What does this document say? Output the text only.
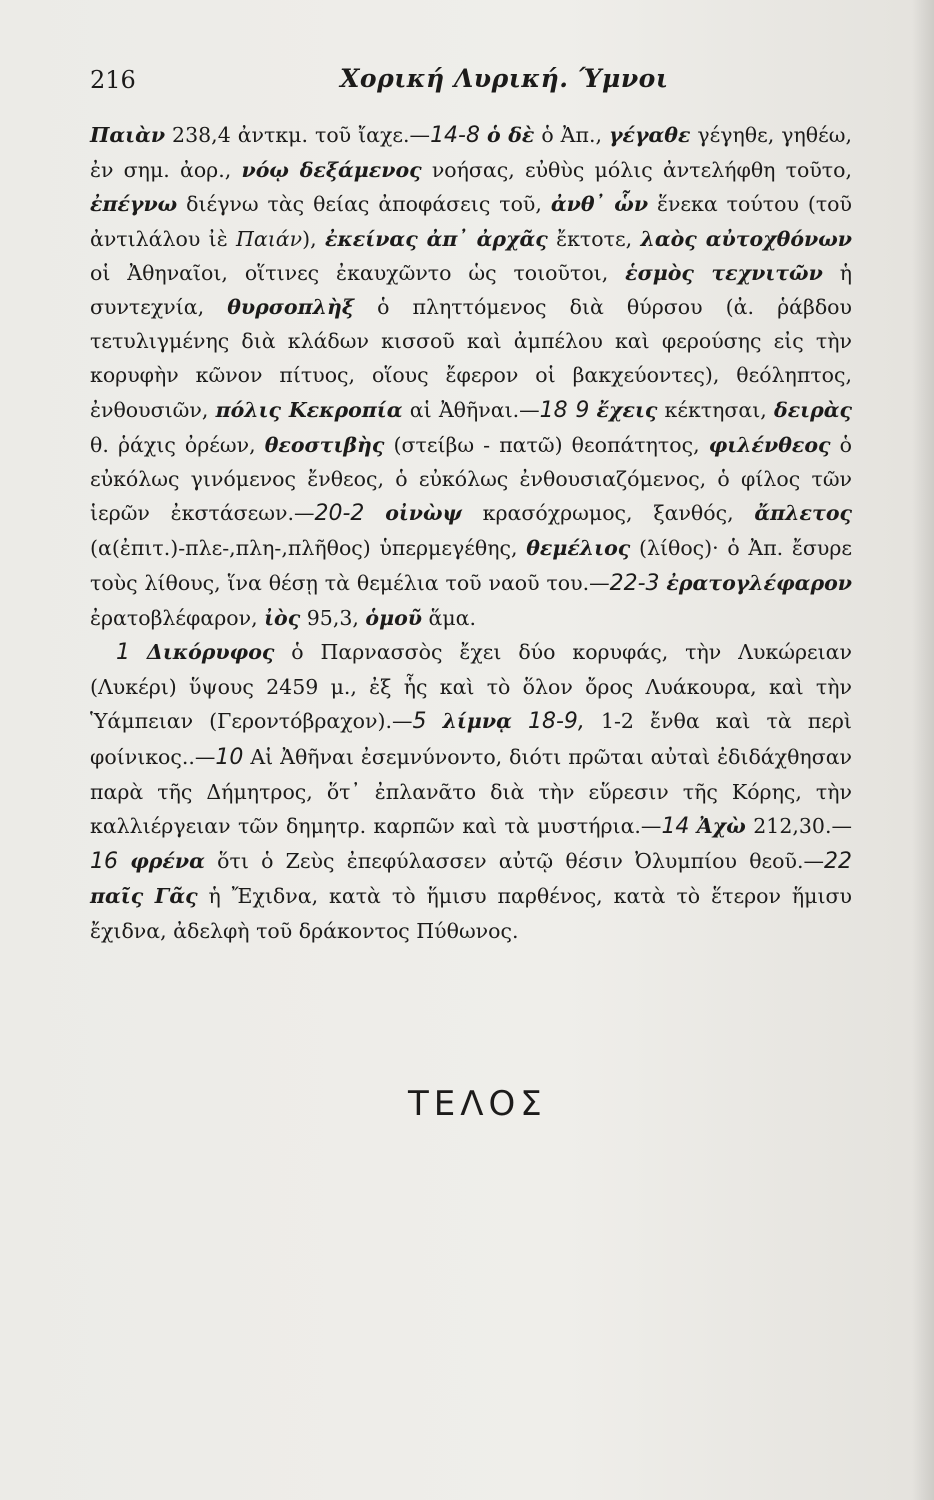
216	Χορική Λυρική. Ύμνοι

Παιὰν 238,4 ἀντκμ. τοῦ ἴαχε.—14-8 ὁ δὲ ὁ Ἀπ., γέγαθε γέγηθε, γηθέω, ἐν σημ. ἀορ., νόῳ δεξάμενος νοήσας, εὐθὺς μόλις ἀντελήφθη τοῦτο, ἐπέγνω διέγνω τὰς θείας ἀποφάσεις τοῦ, ἀνθ᾽ ὧν ἕνεκα τούτου (τοῦ ἀντιλάλου ἰὲ Παιάν), ἐκείνας ἀπ᾽ ἀρχᾶς ἔκτοτε, λαὸς αὐτοχθόνων οἱ Ἀθηναῖοι, οἵτινες ἐκαυχῶντο ὡς τοιοῦτοι, ἑσμὸς τεχνιτῶν ἡ συντεχνία, θυρσοπλὴξ ὁ πληττόμενος διὰ θύρσου (ἀ. ῥάβδου τετυλιγμένης διὰ κλάδων κισσοῦ καὶ ἀμπέλου καὶ φερούσης εἰς τὴν κορυφὴν κῶνον πίτυος, οἵους ἔφερον οἱ βακχεύοντες), θεόληπτος, ἐνθουσιῶν, πόλις Κεκροπία αἱ Ἀθῆναι.—18 9 ἔχεις κέκτησαι, δειρὰς θ. ῥάχις ὀρέων, θεοστιβὴς (στείβω - πατῶ) θεοπάτητος, φιλένθεος ὁ εὐκόλως γινόμενος ἔνθεος, ὁ εὐκόλως ἐνθουσιαζόμενος, ὁ φίλος τῶν ἱερῶν ἐκστάσεων.—20-2 οἰνὼψ κρασόχρωμος, ξανθός, ἄπλετος (α(ἐπιτ.)-πλε-,πλη-,πλῆθος) ὑπερμεγέθης, θεμέλιος (λίθος)· ὁ Ἀπ. ἔσυρε τοὺς λίθους, ἵνα θέσῃ τὰ θεμέλια τοῦ ναοῦ του.—22-3 ἐρατογλέφαρον ἐρατοβλέφαρον, ἰὸς 95,3, ὁμοῦ ἅμα.

1 Δικόρυφος ὁ Παρνασσὸς ἔχει δύο κορυφάς, τὴν Λυκώρειαν (Λυκέρι) ὕψους 2459 μ., ἐξ ἧς καὶ τὸ ὅλον ὄρος Λυάκουρα, καὶ τὴν Ὑάμπειαν (Γεροντόβραχον).—5 λίμνᾳ 18-9, 1-2 ἔνθα καὶ τὰ περὶ φοίνικος..—10 Αἱ Ἀθῆναι ἐσεμνύνοντο, διότι πρῶται αὐταὶ ἐδιδάχθησαν παρὰ τῆς Δήμητρος, ὅτ᾽ ἐπλανᾶτο διὰ τὴν εὕρεσιν τῆς Κόρης, τὴν καλλιέργειαν τῶν δημητρ. καρπῶν καὶ τὰ μυστήρια.—14 Ἀχὼ 212,30.—16 φρένα ὅτι ὁ Ζεὺς ἐπεφύλασσεν αὐτῷ θέσιν Ὀλυμπίου θεοῦ.—22 παῖς Γᾶς ἡ Ἔχιδνα, κατὰ τὸ ἥμισυ παρθένος, κατὰ τὸ ἕτερον ἥμισυ ἔχιδνα, ἀδελφὴ τοῦ δράκοντος Πύθωνος.

ΤΕΛΟΣ
